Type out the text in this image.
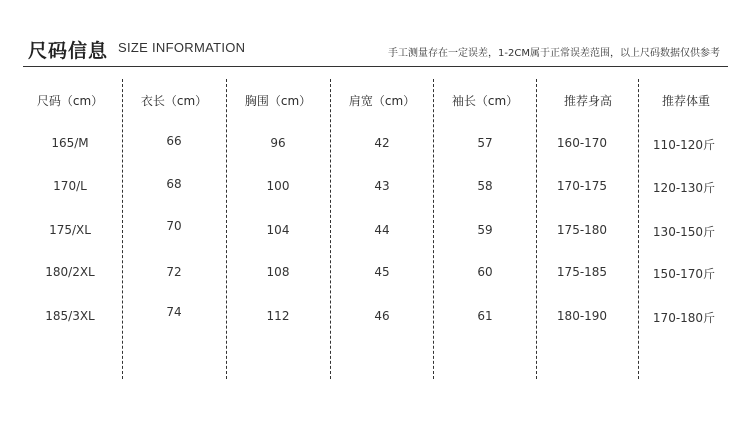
尺码信息 SIZE INFORMATION	手工测量存在一定误差，1-2CM属于正常误差范围，以上尺码数据仅供参考
尺码（cm）	衣长（cm）	胸围（cm）	肩宽（cm）	袖长（cm）	推荐身高	推荐体重
165/M	66	96	42	57	160-170	110-120斤
170/L	68	100	43	58	170-175	120-130斤
175/XL	70	104	44	59	175-180	130-150斤
180/2XL	72	108	45	60	175-185	150-170斤
185/3XL	74	112	46	61	180-190	170-180斤
